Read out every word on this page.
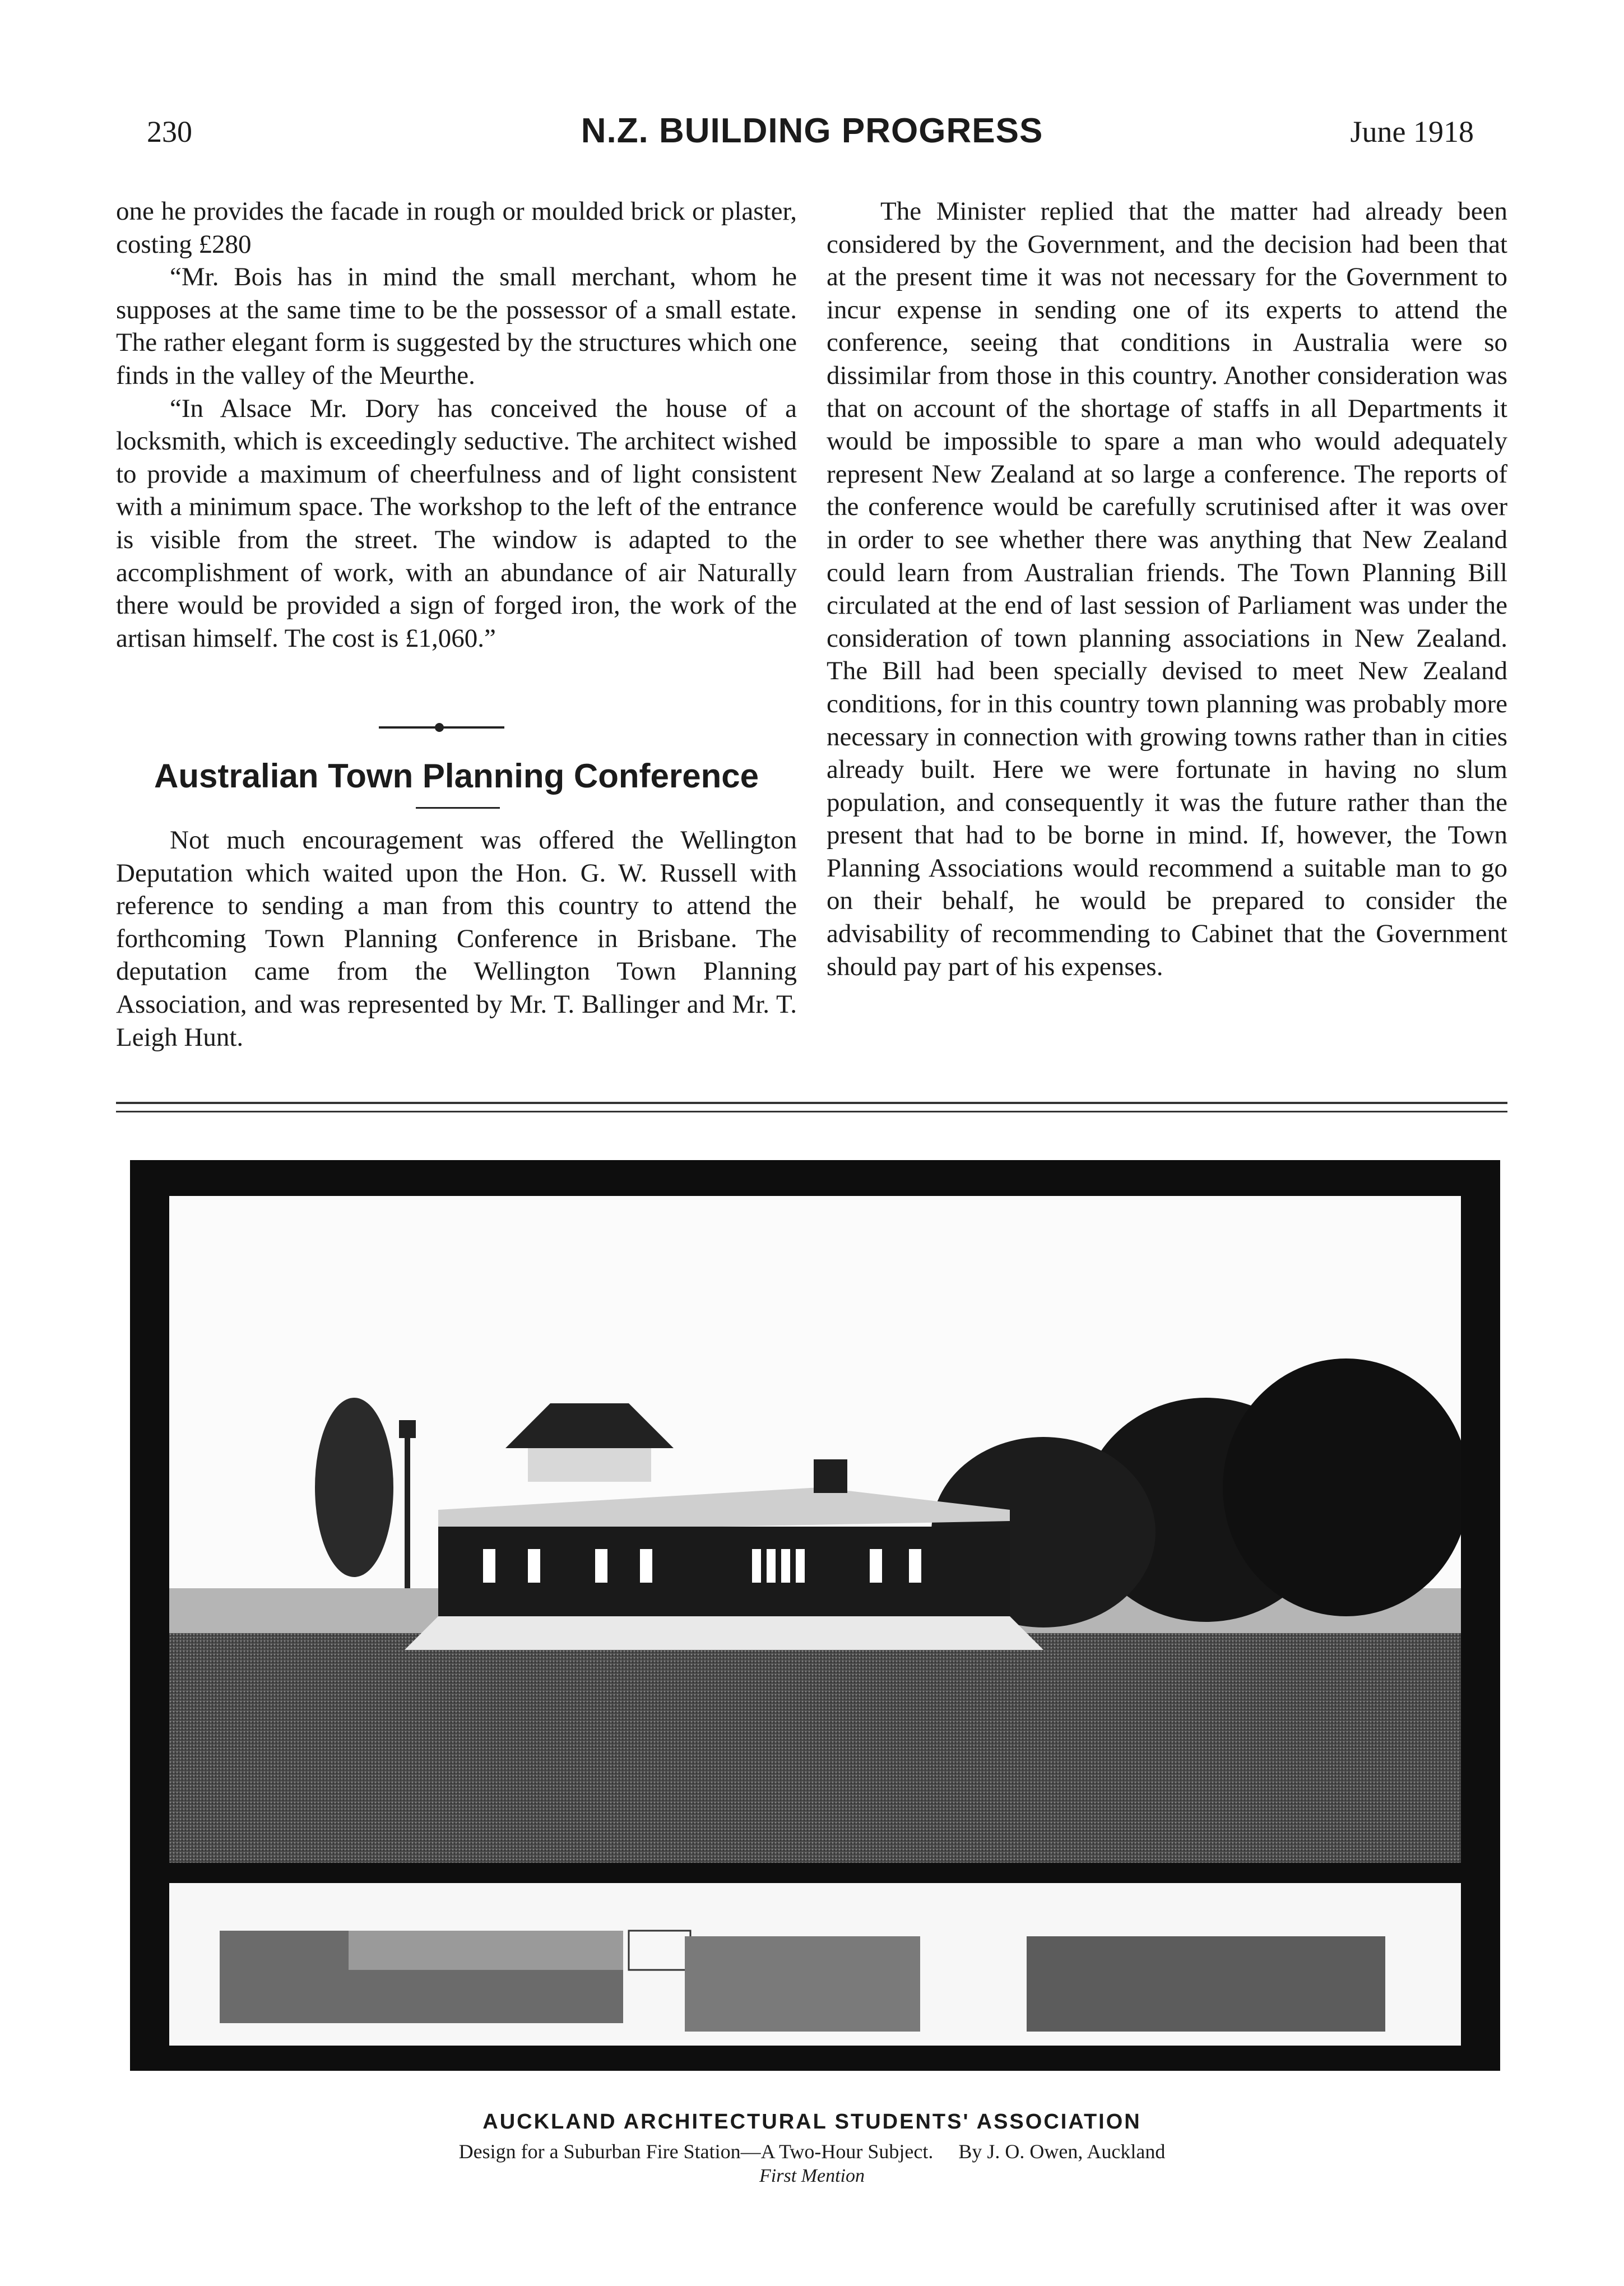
230	N.Z. BUILDING PROGRESS	June 1918

one he provides the facade in rough or moulded brick or plaster, costing £280

“Mr. Bois has in mind the small merchant, whom he supposes at the same time to be the possessor of a small estate. The rather elegant form is suggested by the structures which one finds in the valley of the Meurthe.

“In Alsace Mr. Dory has conceived the house of a locksmith, which is exceedingly seductive. The architect wished to provide a maximum of cheerfulness and of light consistent with a minimum space. The workshop to the left of the entrance is visible from the street. The window is adapted to the accomplishment of work, with an abundance of air Naturally there would be provided a sign of forged iron, the work of the artisan himself. The cost is £1,060.”

Australian Town Planning Conference

Not much encouragement was offered the Wellington Deputation which waited upon the Hon. G. W. Russell with reference to sending a man from this country to attend the forthcoming Town Planning Conference in Brisbane. The deputation came from the Wellington Town Planning Association, and was represented by Mr. T. Ballinger and Mr. T. Leigh Hunt.

The Minister replied that the matter had already been considered by the Government, and the decision had been that at the present time it was not necessary for the Government to incur expense in sending one of its experts to attend the conference, seeing that conditions in Australia were so dissimilar from those in this country. Another consideration was that on account of the shortage of staffs in all Departments it would be impossible to spare a man who would adequately represent New Zealand at so large a conference. The reports of the conference would be carefully scrutinised after it was over in order to see whether there was anything that New Zealand could learn from Australian friends. The Town Planning Bill circulated at the end of last session of Parliament was under the consideration of town planning associations in New Zealand. The Bill had been specially devised to meet New Zealand conditions, for in this country town planning was probably more necessary in connection with growing towns rather than in cities already built. Here we were fortunate in having no slum population, and consequently it was the future rather than the present that had to be borne in mind. If, however, the Town Planning Associations would recommend a suitable man to go on their behalf, he would be prepared to consider the advisability of recommending to Cabinet that the Government should pay part of his expenses.

AUCKLAND ARCHITECTURAL STUDENTS' ASSOCIATION
Design for a Suburban Fire Station—A Two-Hour Subject.     By J. O. Owen, Auckland
First Mention
